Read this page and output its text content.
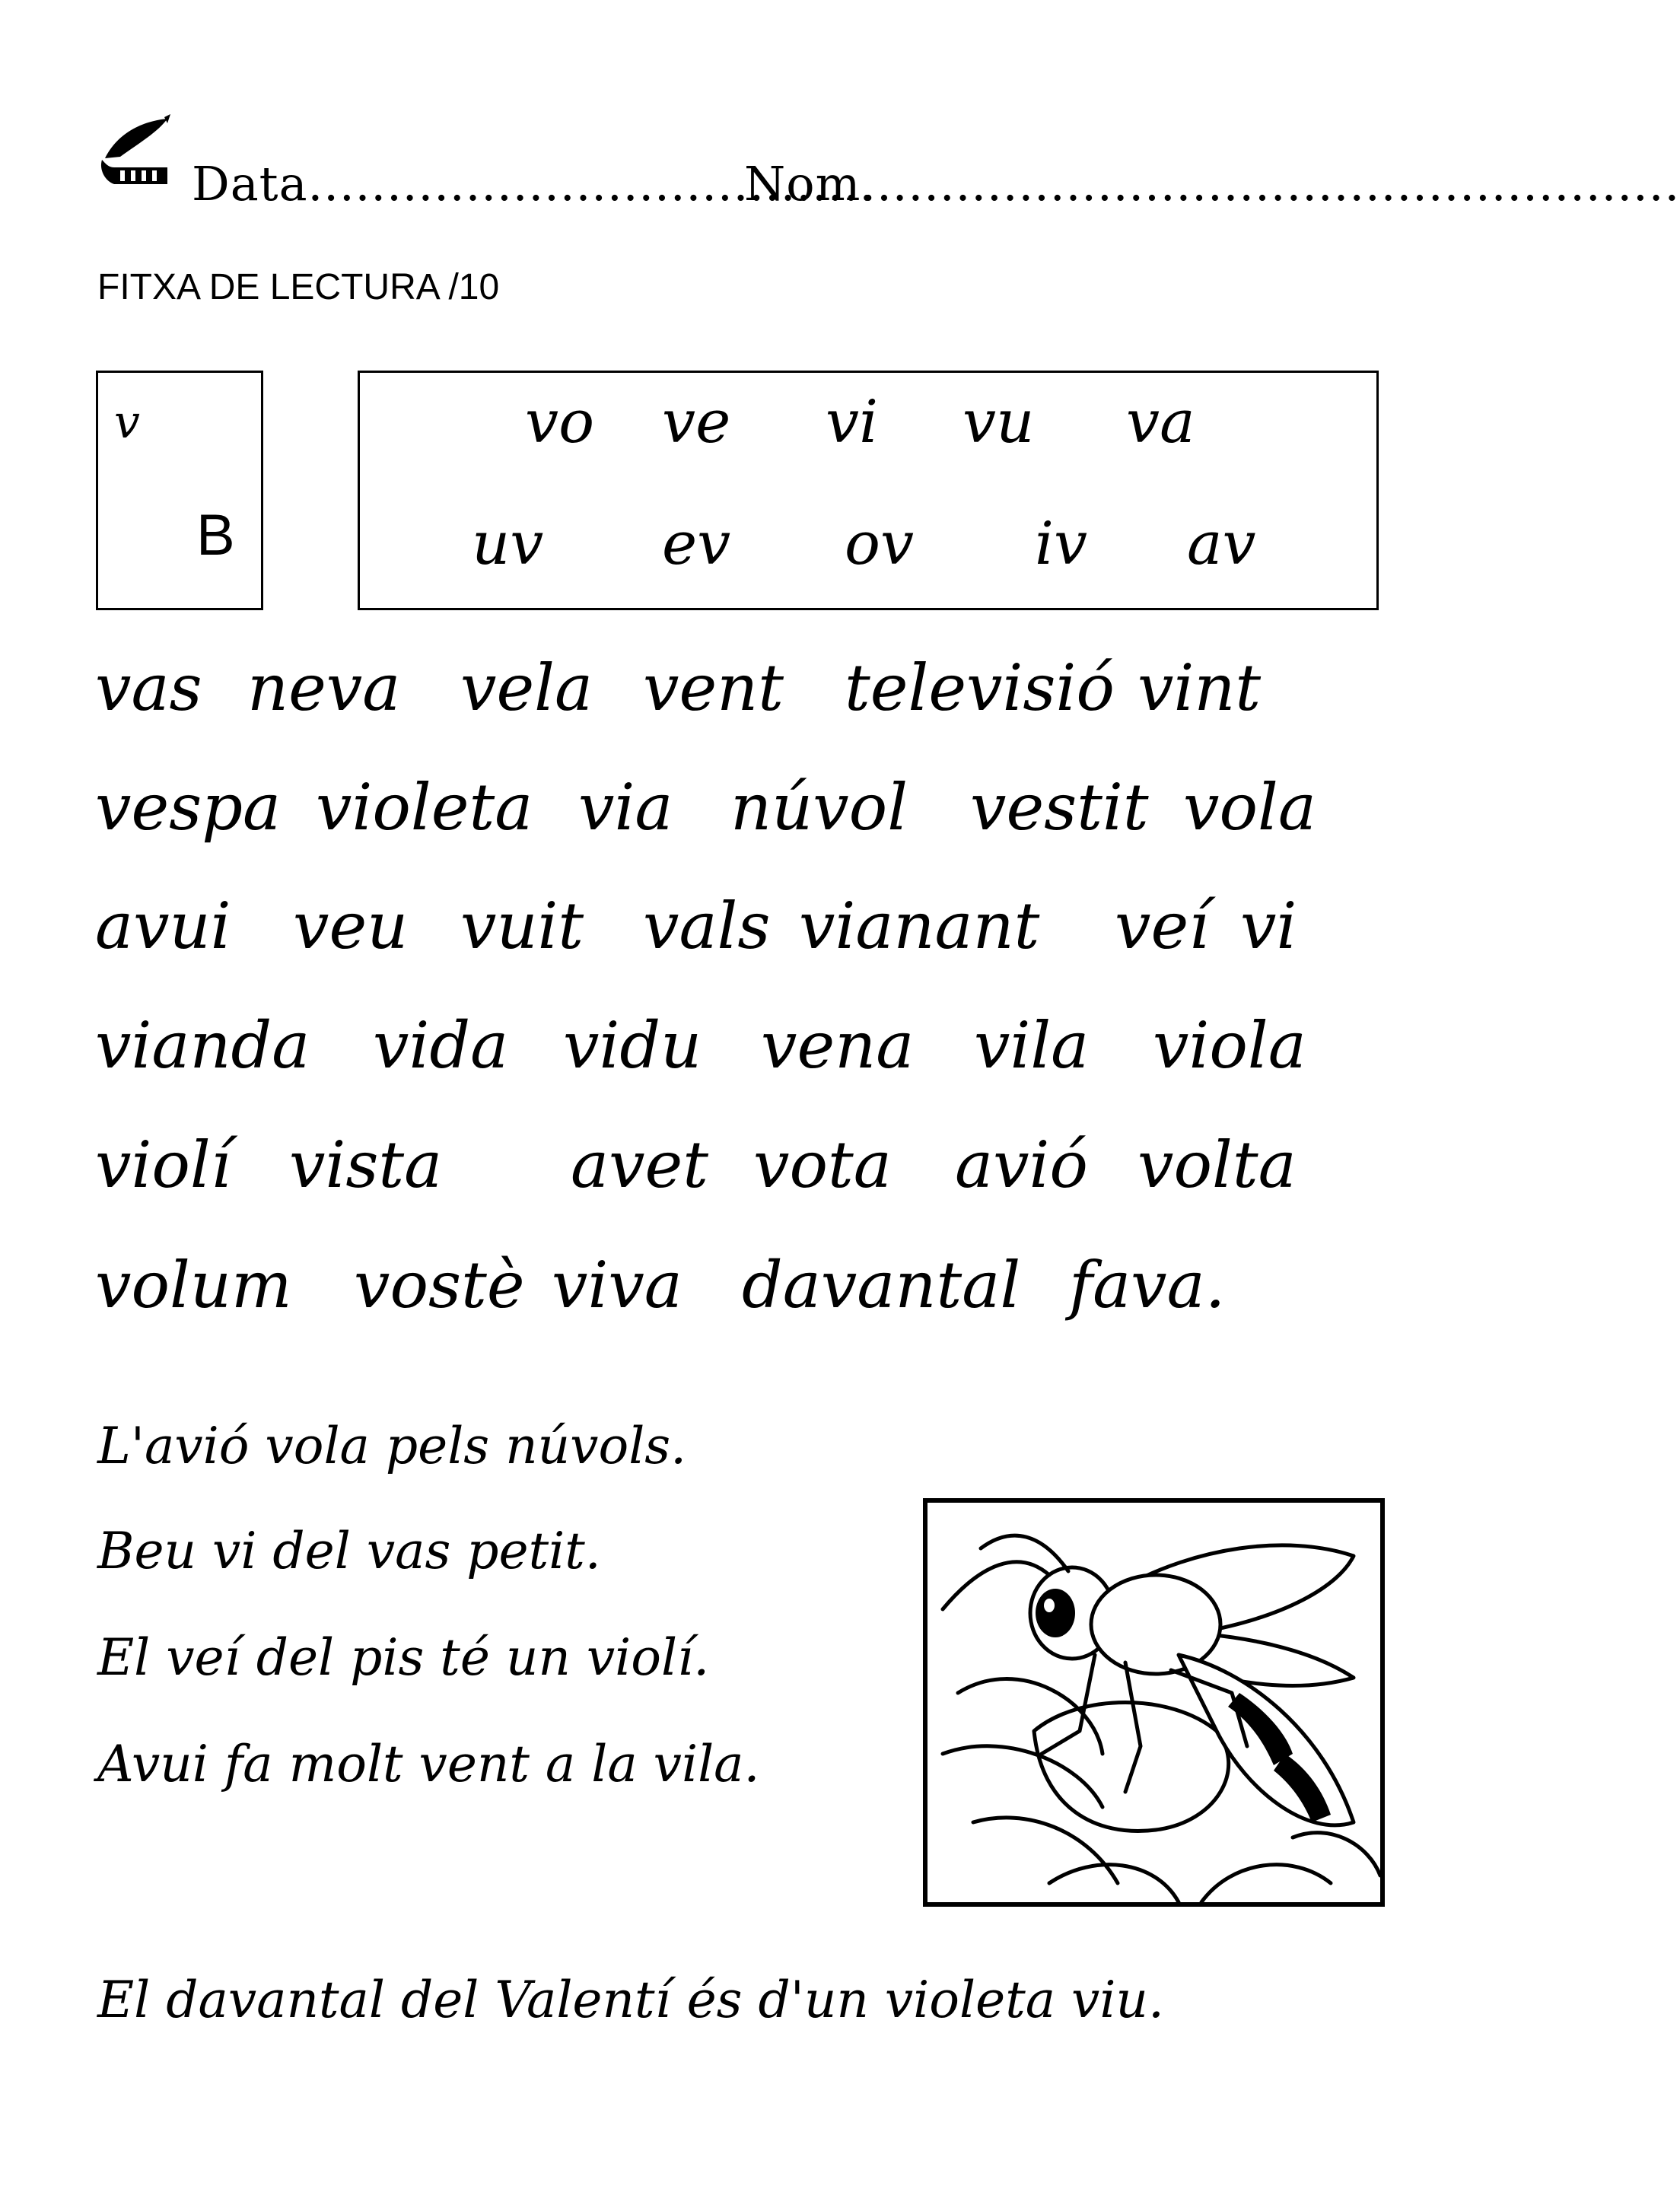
Data....................................
Nom....................................................
FITXA DE LECTURA /10
v
B
vo ve vi vu va
uv ev ov iv av
vas neva vela vent televisió vint
vespa violeta via núvol vestit vola
avui veu vuit vals vianant veí vi
vianda vida vidu vena vila viola
violí vista avet vota avió volta
volum vostè viva davantal fava.
L'avió vola pels núvols.
Beu vi del vas petit.
El veí del pis té un violí.
Avui fa molt vent a la vila.
El davantal del Valentí és d'un violeta viu.
